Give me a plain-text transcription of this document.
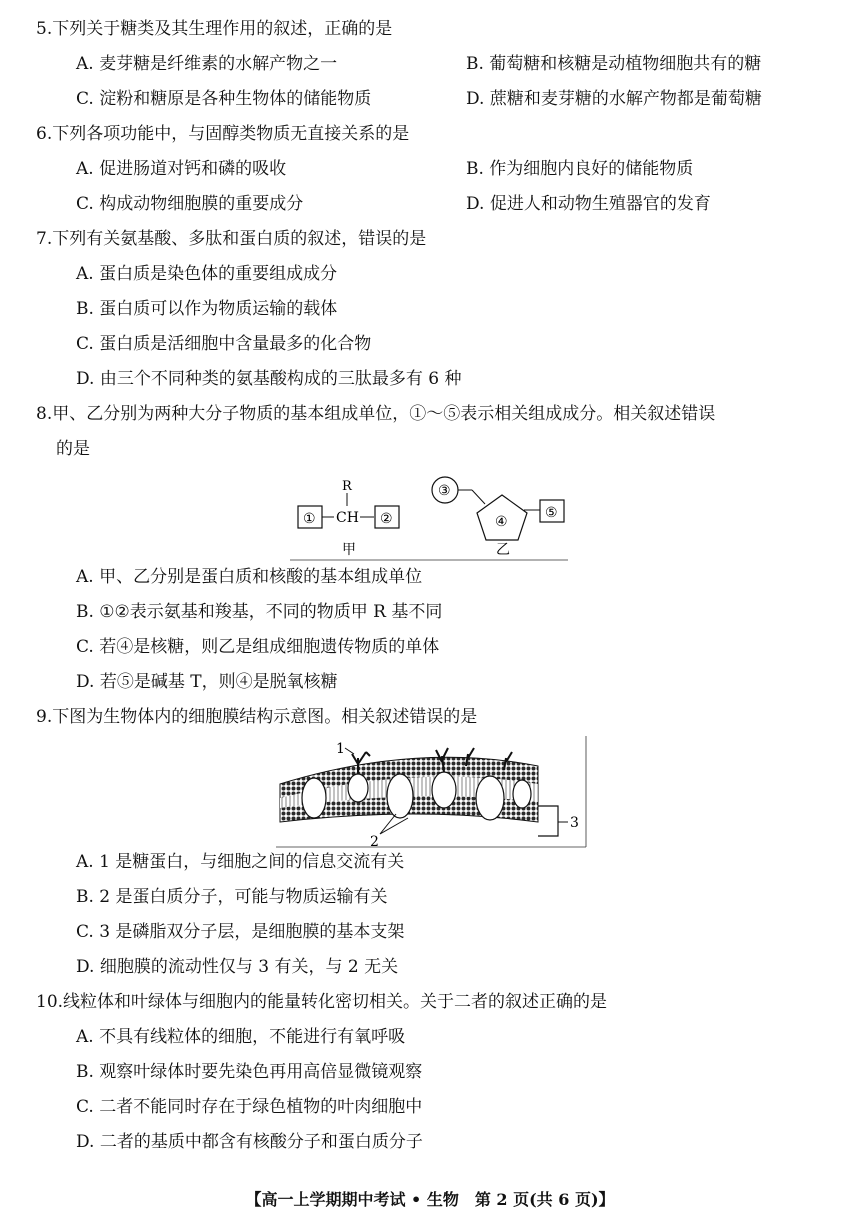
5.下列关于糖类及其生理作用的叙述，正确的是
A. 麦芽糖是纤维素的水解产物之一	B. 葡萄糖和核糖是动植物细胞共有的糖
C. 淀粉和糖原是各种生物体的储能物质	D. 蔗糖和麦芽糖的水解产物都是葡萄糖
6.下列各项功能中，与固醇类物质无直接关系的是
A. 促进肠道对钙和磷的吸收	B. 作为细胞内良好的储能物质
C. 构成动物细胞膜的重要成分	D. 促进人和动物生殖器官的发育
7.下列有关氨基酸、多肽和蛋白质的叙述，错误的是
A. 蛋白质是染色体的重要组成成分
B. 蛋白质可以作为物质运输的载体
C. 蛋白质是活细胞中含量最多的化合物
D. 由三个不同种类的氨基酸构成的三肽最多有 6 种
8.甲、乙分别为两种大分子物质的基本组成单位，①～⑤表示相关组成成分。相关叙述错误
的是
R
① CH ②
甲
③
④
⑤
乙
A. 甲、乙分别是蛋白质和核酸的基本组成单位
B. ①②表示氨基和羧基，不同的物质甲 R 基不同
C. 若④是核糖，则乙是组成细胞遗传物质的单体
D. 若⑤是碱基 T，则④是脱氧核糖
9.下图为生物体内的细胞膜结构示意图。相关叙述错误的是
1
2
3
A. 1 是糖蛋白，与细胞之间的信息交流有关
B. 2 是蛋白质分子，可能与物质运输有关
C. 3 是磷脂双分子层，是细胞膜的基本支架
D. 细胞膜的流动性仅与 3 有关，与 2 无关
10.线粒体和叶绿体与细胞内的能量转化密切相关。关于二者的叙述正确的是
A. 不具有线粒体的细胞，不能进行有氧呼吸
B. 观察叶绿体时要先染色再用高倍显微镜观察
C. 二者不能同时存在于绿色植物的叶肉细胞中
D. 二者的基质中都含有核酸分子和蛋白质分子
【高一上学期期中考试 • 生物　第 2 页(共 6 页)】
